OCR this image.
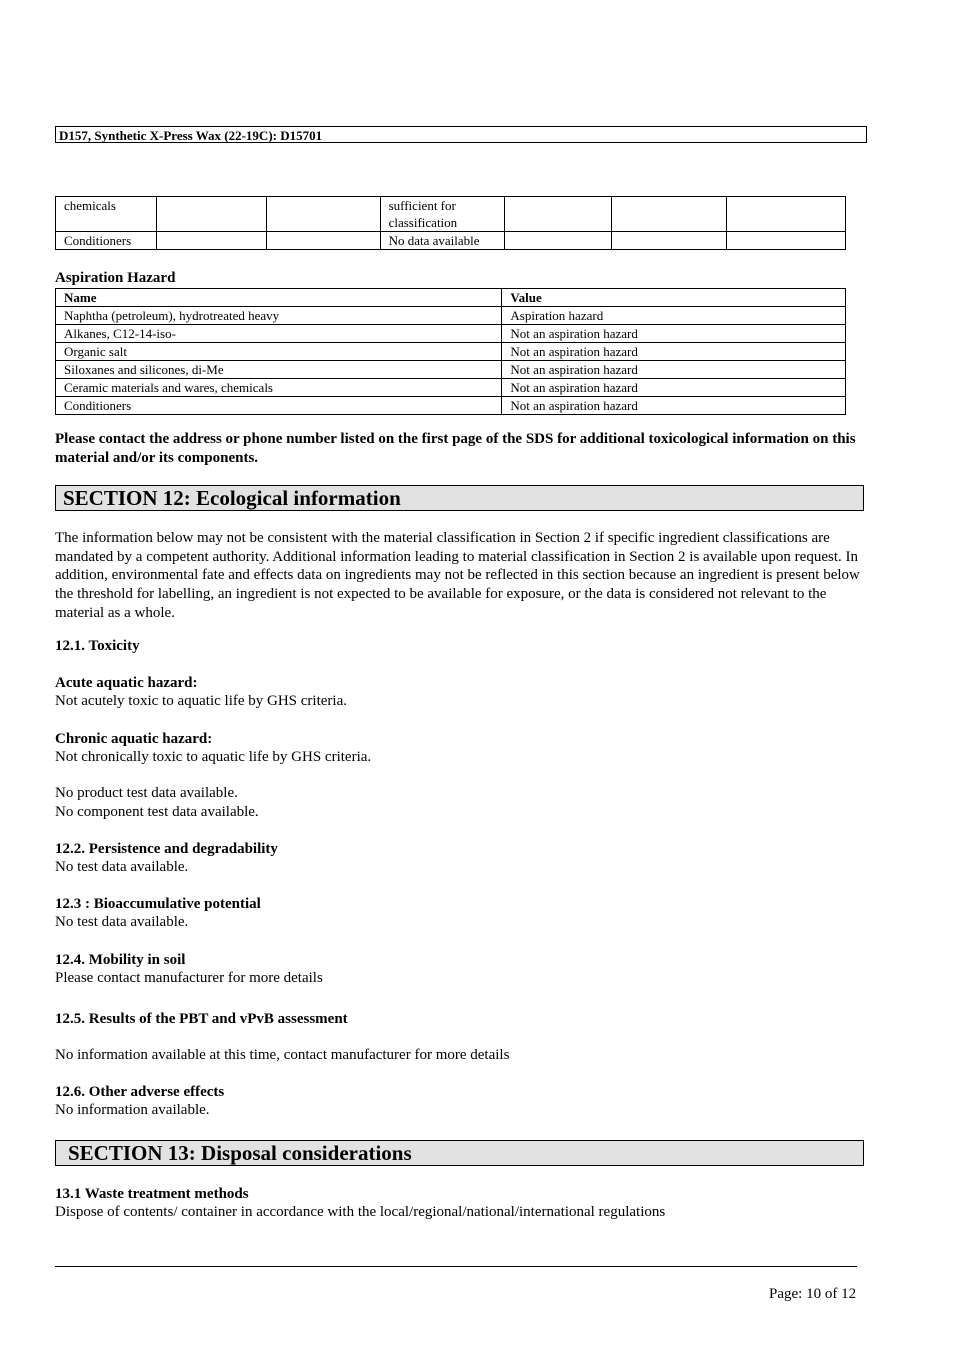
D157, Synthetic X-Press Wax (22-19C): D15701
chemicals			sufficient for
classification			
Conditioners			No data available			
Aspiration Hazard
Name	Value
Naphtha (petroleum), hydrotreated heavy	Aspiration hazard
Alkanes, C12-14-iso-	Not an aspiration hazard
Organic salt	Not an aspiration hazard
Siloxanes and silicones, di-Me	Not an aspiration hazard
Ceramic materials and wares, chemicals	Not an aspiration hazard
Conditioners	Not an aspiration hazard
Please contact the address or phone number listed on the first page of the SDS for additional toxicological information on this material and/or its components.
SECTION 12: Ecological information
The information below may not be consistent with the material classification in Section 2 if specific ingredient classifications are mandated by a competent authority. Additional information leading to material classification in Section 2 is available upon request. In addition, environmental fate and effects data on ingredients may not be reflected in this section because an ingredient is present below the threshold for labelling, an ingredient is not expected to be available for exposure, or the data is considered not relevant to the material as a whole.
12.1. Toxicity
Acute aquatic hazard:
Not acutely toxic to aquatic life by GHS criteria.
Chronic aquatic hazard:
Not chronically toxic to aquatic life by GHS criteria.
No product test data available.
No component test data available.
12.2. Persistence and degradability
No test data available.
12.3 : Bioaccumulative potential
No test data available.
12.4. Mobility in soil
Please contact manufacturer for more details
12.5. Results of the PBT and vPvB assessment
No information available at this time, contact manufacturer for more details
12.6. Other adverse effects
No information available.
SECTION 13: Disposal considerations
13.1 Waste treatment methods
Dispose of contents/ container in accordance with the local/regional/national/international regulations
Page: 10 of 12
